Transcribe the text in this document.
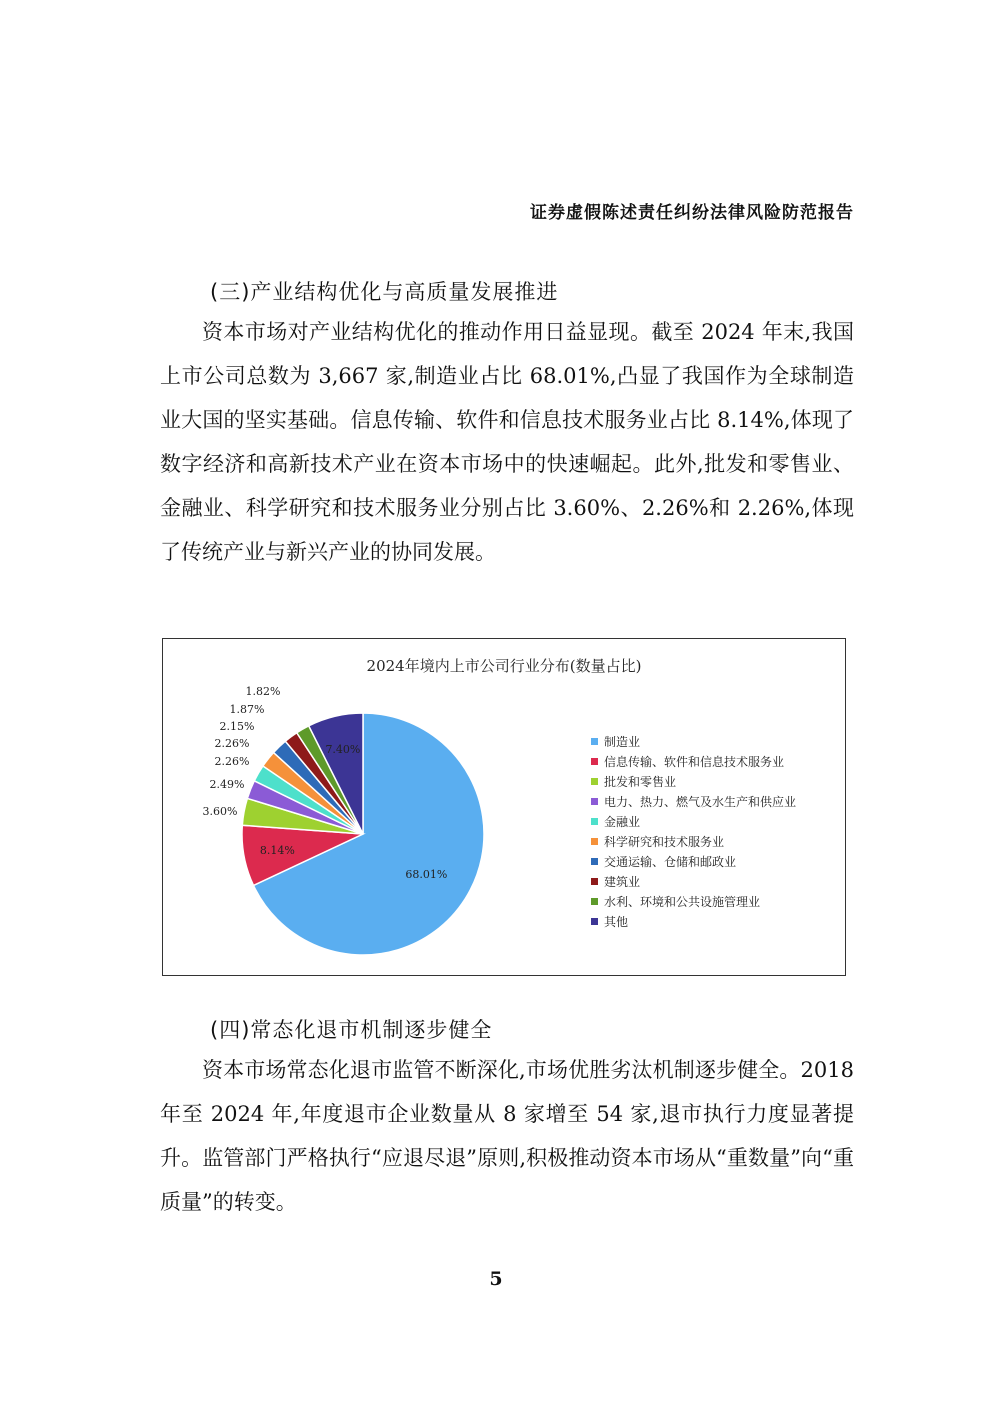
证券虚假陈述责任纠纷法律风险防范报告
(三)产业结构优化与高质量发展推进

资本市场对产业结构优化的推动作用日益显现。截至 2024 年末,我国上市公司总数为 3,667 家,制造业占比 68.01%,凸显了我国作为全球制造业大国的坚实基础。信息传输、软件和信息技术服务业占比 8.14%,体现了数字经济和高新技术产业在资本市场中的快速崛起。此外,批发和零售业、金融业、科学研究和技术服务业分别占比 3.60%、2.26%和 2.26%,体现了传统产业与新兴产业的协同发展。

2024年境内上市公司行业分布(数量占比)
68.01%
8.14%
3.60%
2.49%
2.26%
2.26%
2.15%
1.87%
1.82%
7.40%
制造业
信息传输、软件和信息技术服务业
批发和零售业
电力、热力、燃气及水生产和供应业
金融业
科学研究和技术服务业
交通运输、仓储和邮政业
建筑业
水利、环境和公共设施管理业
其他
(四)常态化退市机制逐步健全

资本市场常态化退市监管不断深化,市场优胜劣汰机制逐步健全。2018 年至 2024 年,年度退市企业数量从 8 家增至 54 家,退市执行力度显著提升。监管部门严格执行“应退尽退”原则,积极推动资本市场从“重数量”向“重质量”的转变。

5
